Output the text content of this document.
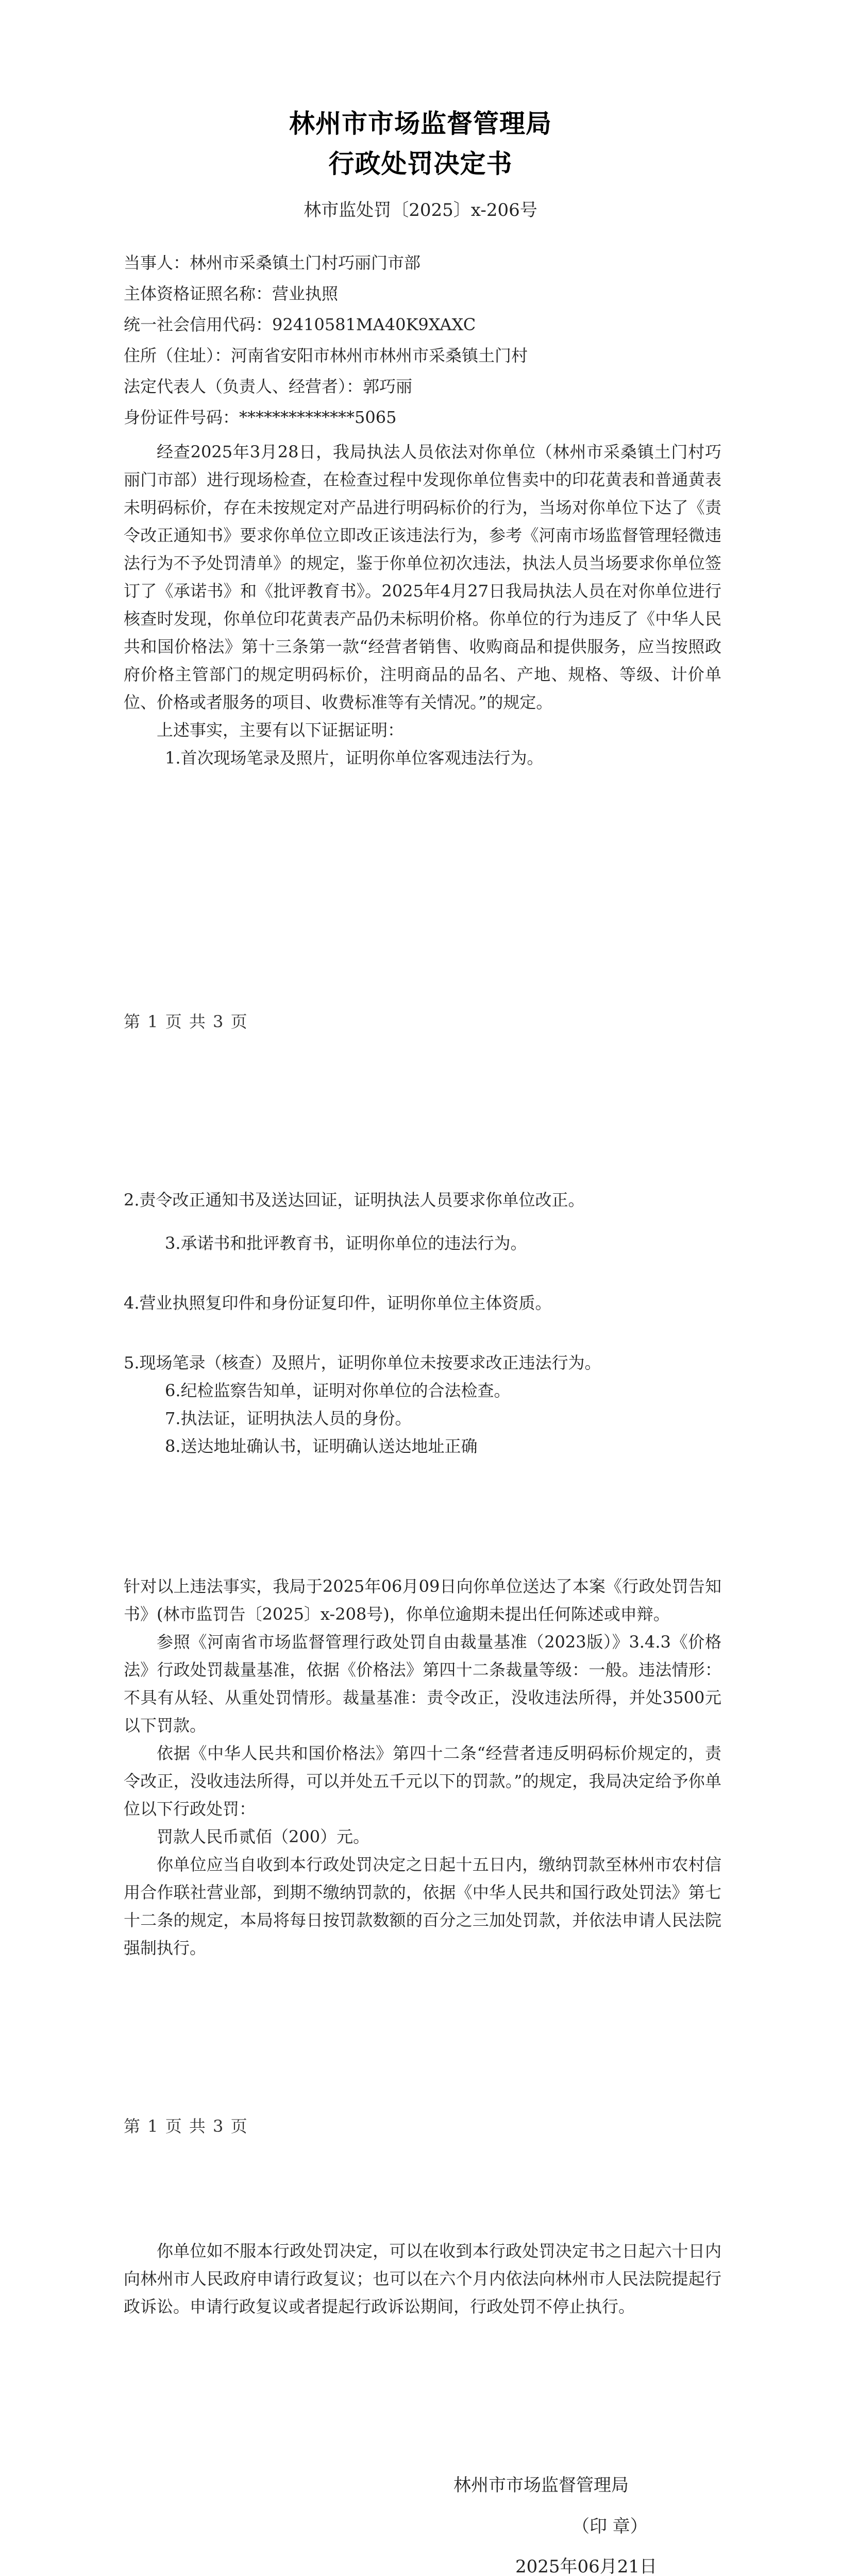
林州市市场监督管理局
行政处罚决定书
林市监处罚〔2025〕x-206号
当事人：林州市采桑镇土门村巧丽门市部
主体资格证照名称：营业执照
统一社会信用代码：92410581MA40K9XAXC
住所（住址）：河南省安阳市林州市林州市采桑镇土门村
法定代表人（负责人、经营者）：郭巧丽
身份证件号码：**************5065

经查2025年3月28日，我局执法人员依法对你单位（林州市采桑镇土门村巧丽门市部）进行现场检查，在检查过程中发现你单位售卖中的印花黄表和普通黄表未明码标价，存在未按规定对产品进行明码标价的行为，当场对你单位下达了《责令改正通知书》要求你单位立即改正该违法行为，参考《河南市场监督管理轻微违法行为不予处罚清单》的规定，鉴于你单位初次违法，执法人员当场要求你单位签订了《承诺书》和《批评教育书》。2025年4月27日我局执法人员在对你单位进行核查时发现，你单位印花黄表产品仍未标明价格。你单位的行为违反了《中华人民共和国价格法》第十三条第一款“经营者销售、收购商品和提供服务，应当按照政府价格主管部门的规定明码标价，注明商品的品名、产地、规格、等级、计价单位、价格或者服务的项目、收费标准等有关情况。”的规定。

上述事实，主要有以下证据证明：

1.首次现场笔录及照片，证明你单位客观违法行为。

第 1 页 共 3 页

2.责令改正通知书及送达回证，证明执法人员要求你单位改正。

3.承诺书和批评教育书，证明你单位的违法行为。

4.营业执照复印件和身份证复印件，证明你单位主体资质。

5.现场笔录（核查）及照片，证明你单位未按要求改正违法行为。

6.纪检监察告知单，证明对你单位的合法检查。

7.执法证，证明执法人员的身份。

8.送达地址确认书，证明确认送达地址正确

针对以上违法事实，我局于2025年06月09日向你单位送达了本案《行政处罚告知书》(林市监罚告〔2025〕x-208号)，你单位逾期未提出任何陈述或申辩。

参照《河南省市场监督管理行政处罚自由裁量基准（2023版）》3.4.3《价格法》行政处罚裁量基准，依据《价格法》第四十二条裁量等级：一般。违法情形：不具有从轻、从重处罚情形。裁量基准：责令改正，没收违法所得，并处3500元以下罚款。

依据《中华人民共和国价格法》第四十二条“经营者违反明码标价规定的，责令改正，没收违法所得，可以并处五千元以下的罚款。”的规定，我局决定给予你单位以下行政处罚：

罚款人民币贰佰（200）元。

你单位应当自收到本行政处罚决定之日起十五日内，缴纳罚款至林州市农村信用合作联社营业部，到期不缴纳罚款的，依据《中华人民共和国行政处罚法》第七十二条的规定，本局将每日按罚款数额的百分之三加处罚款，并依法申请人民法院强制执行。

第 1 页 共 3 页

你单位如不服本行政处罚决定，可以在收到本行政处罚决定书之日起六十日内向林州市人民政府申请行政复议；也可以在六个月内依法向林州市人民法院提起行政诉讼。申请行政复议或者提起行政诉讼期间，行政处罚不停止执行。

林州市市场监督管理局
（印 章）
2025年06月21日
